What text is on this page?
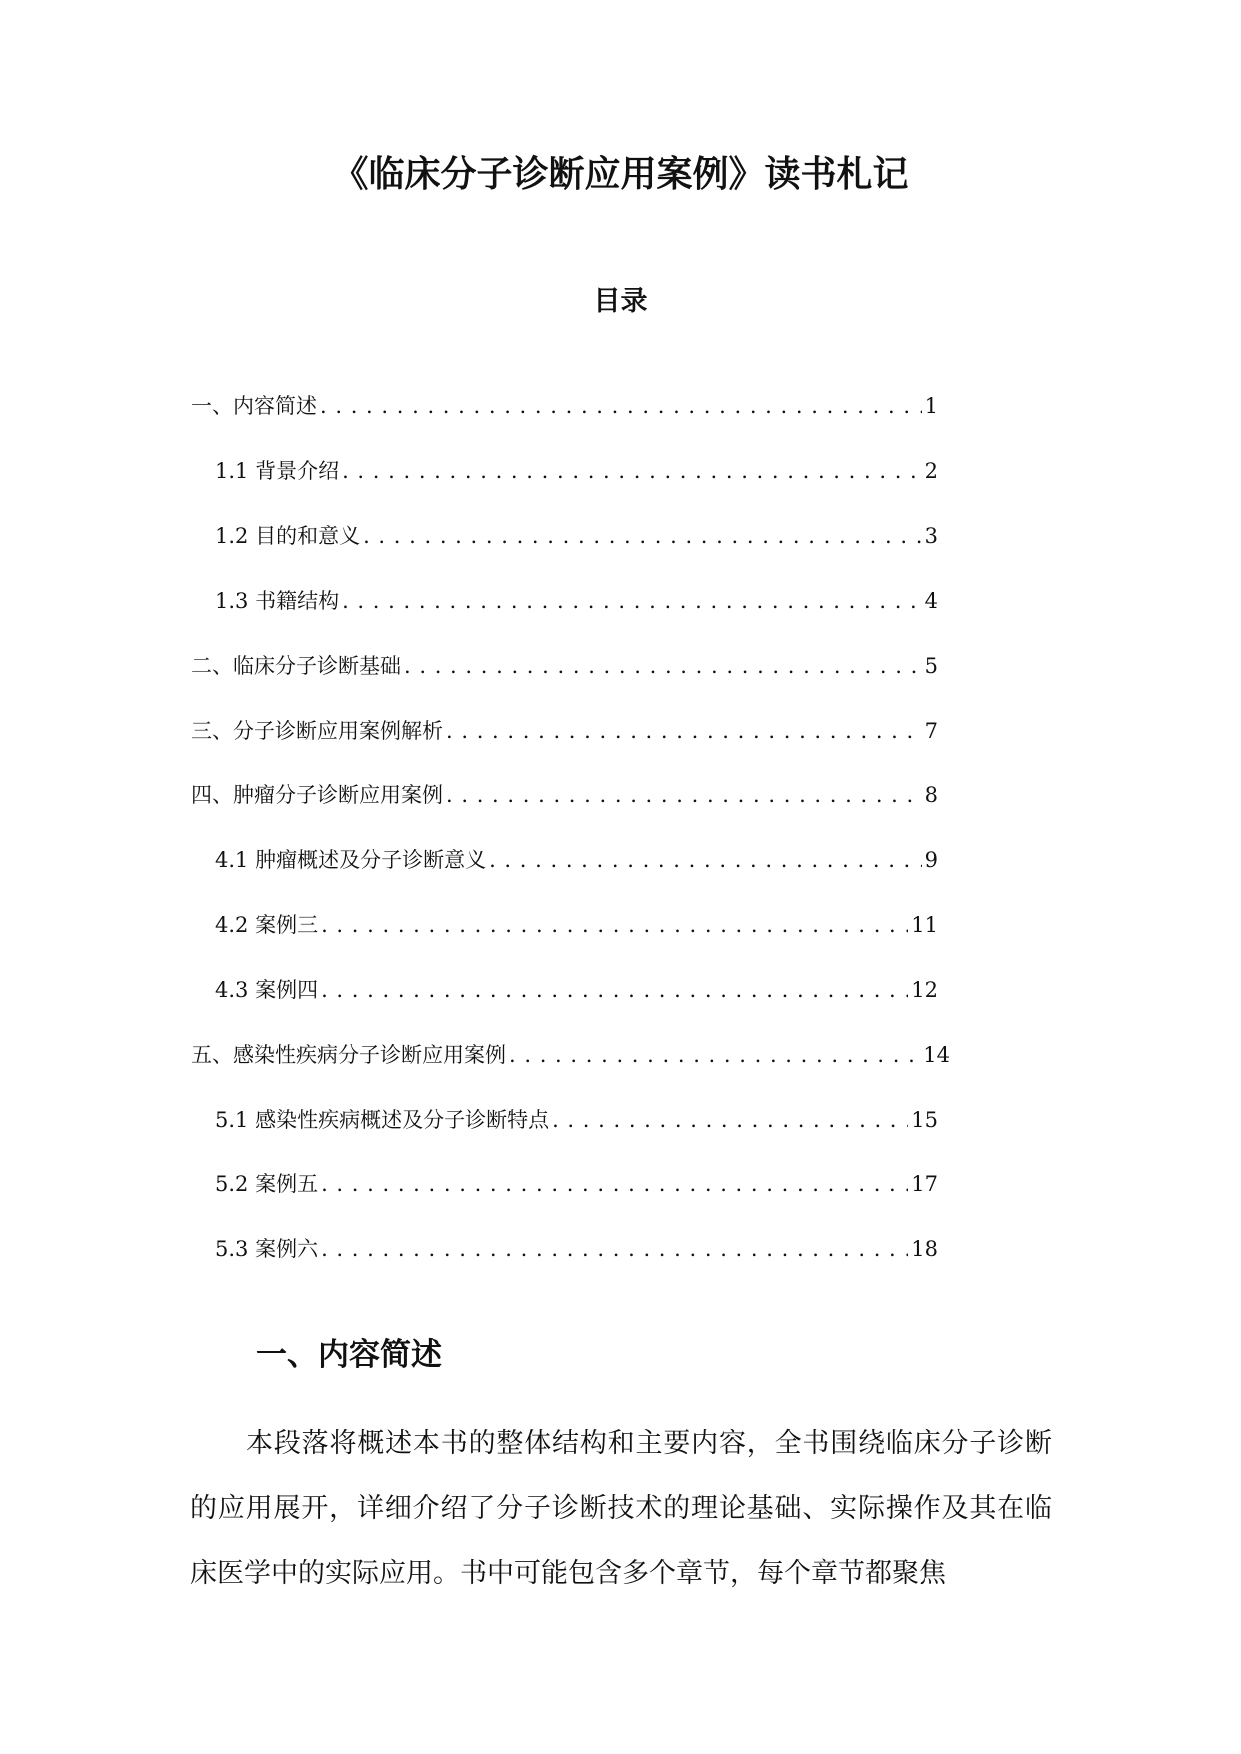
《临床分子诊断应用案例》读书札记
目录
一、内容简述 . . .	1
1.1 背景介绍 . . .	2
1.2 目的和意义 . . .	3
1.3 书籍结构 . . .	4
二、临床分子诊断基础 . . .	5
三、分子诊断应用案例解析 . . .	7
四、肿瘤分子诊断应用案例 . . .	8
4.1 肿瘤概述及分子诊断意义 . . .	9
4.2 案例三 . . .	11
4.3 案例四 . . .	12
五、感染性疾病分子诊断应用案例 . . .	14
5.1 感染性疾病概述及分子诊断特点 . . .	15
5.2 案例五 . . .	17
5.3 案例六 . . .	18
一、内容简述

本段落将概述本书的整体结构和主要内容，全书围绕临床分子诊断的应用展开，详细介绍了分子诊断技术的理论基础、实际操作及其在临床医学中的实际应用。书中可能包含多个章节，每个章节都聚焦
